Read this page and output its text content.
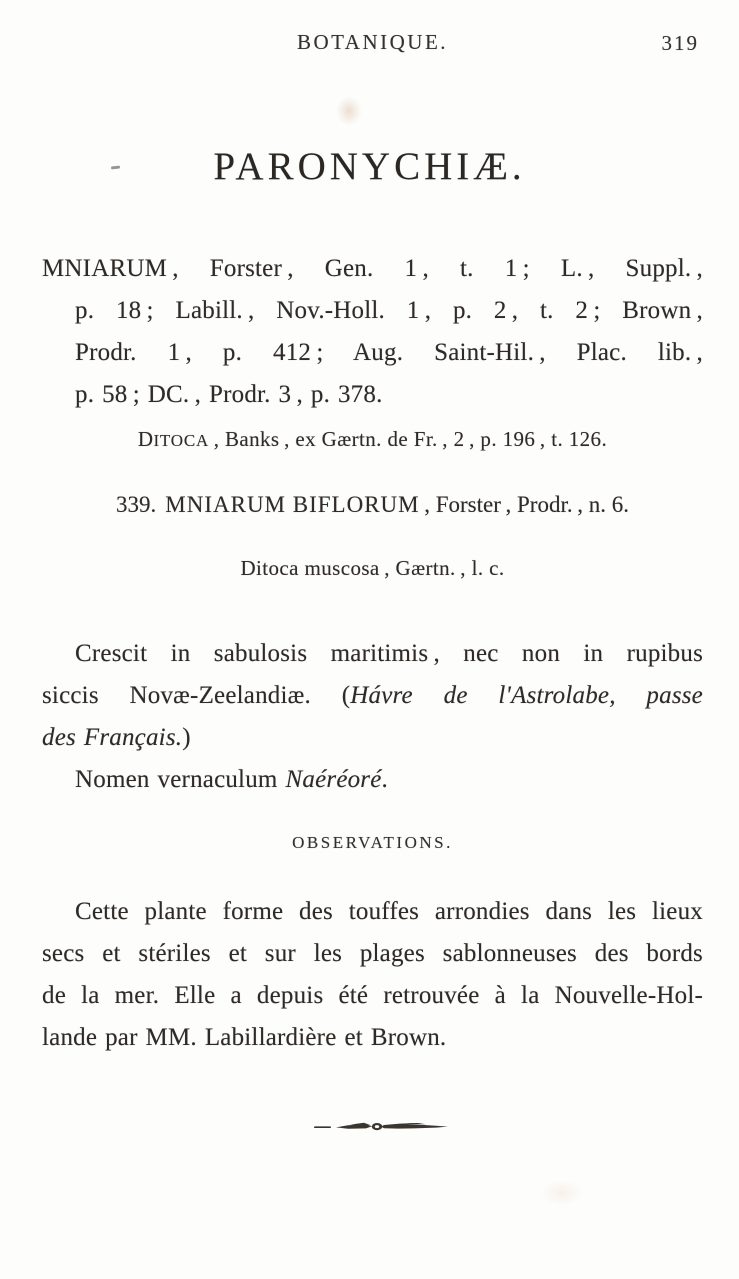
BOTANIQUE.	319
PARONYCHIÆ.
MNIARUM , Forster , Gen. 1 , t. 1 ; L. , Suppl. ,
p. 18 ; Labill. , Nov.-Holl. 1 , p. 2 , t. 2 ; Brown ,
Prodr. 1 , p. 412 ; Aug. Saint-Hil. , Plac. lib. ,
p. 58 ; DC. , Prodr. 3 , p. 378.
DITOCA , Banks , ex Gærtn. de Fr. , 2 , p. 196 , t. 126.
339. MNIARUM BIFLORUM , Forster , Prodr. , n. 6.
Ditoca muscosa , Gærtn. , l. c.
Crescit in sabulosis maritimis , nec non in rupibus
siccis Novæ-Zeelandiæ. (Hávre de l'Astrolabe, passe
des Français.)
Nomen vernaculum Naéréoré.
OBSERVATIONS.
Cette plante forme des touffes arrondies dans les lieux
secs et stériles et sur les plages sablonneuses des bords
de la mer. Elle a depuis été retrouvée à la Nouvelle-Hol-
lande par MM. Labillardière et Brown.
